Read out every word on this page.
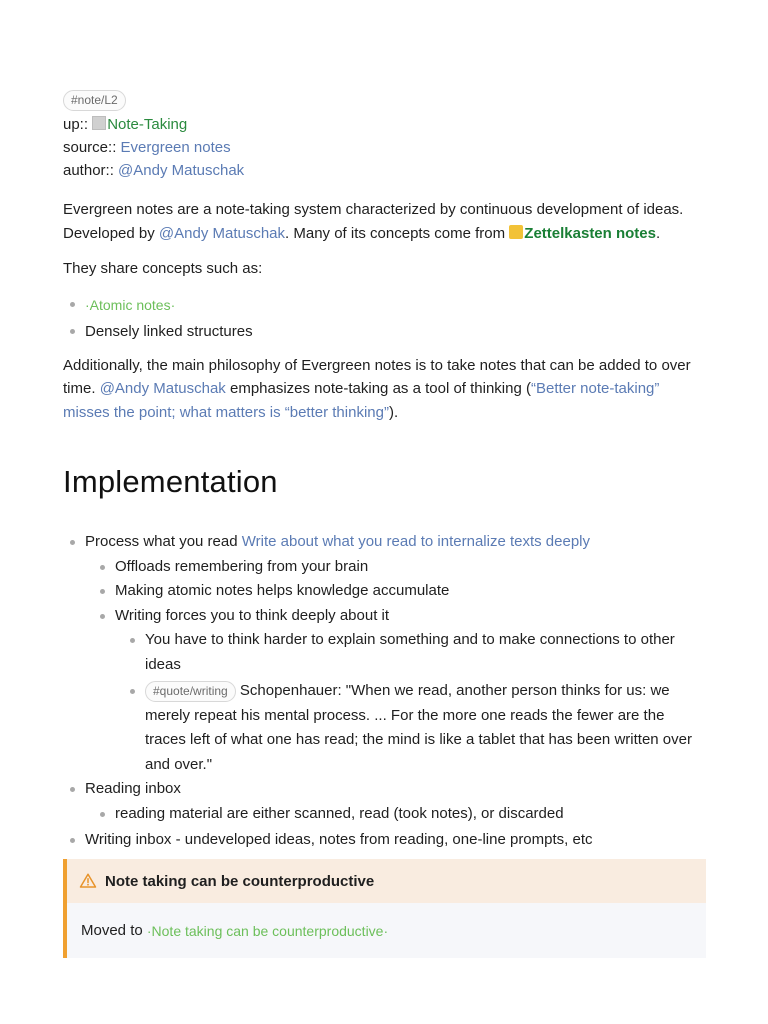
#note/L2
up:: Note-Taking
source:: Evergreen notes
author:: @Andy Matuschak

Evergreen notes are a note-taking system characterized by continuous development of ideas. Developed by @Andy Matuschak. Many of its concepts come from Zettelkasten notes.

They share concepts such as:

·Atomic notes·
Densely linked structures

Additionally, the main philosophy of Evergreen notes is to take notes that can be added to over time. @Andy Matuschak emphasizes note-taking as a tool of thinking (“Better note-taking” misses the point; what matters is “better thinking”).

Implementation
Process what you read Write about what you read to internalize texts deeply
Offloads remembering from your brain
Making atomic notes helps knowledge accumulate
Writing forces you to think deeply about it
You have to think harder to explain something and to make connections to other ideas
#quote/writing Schopenhauer: "When we read, another person thinks for us: we merely repeat his mental process. ... For the more one reads the fewer are the traces left of what one has read; the mind is like a tablet that has been written over and over."
Reading inbox
reading material are either scanned, read (took notes), or discarded
Writing inbox - undeveloped ideas, notes from reading, one-line prompts, etc
Note taking can be counterproductive
Moved to
·Note taking can be counterproductive·
